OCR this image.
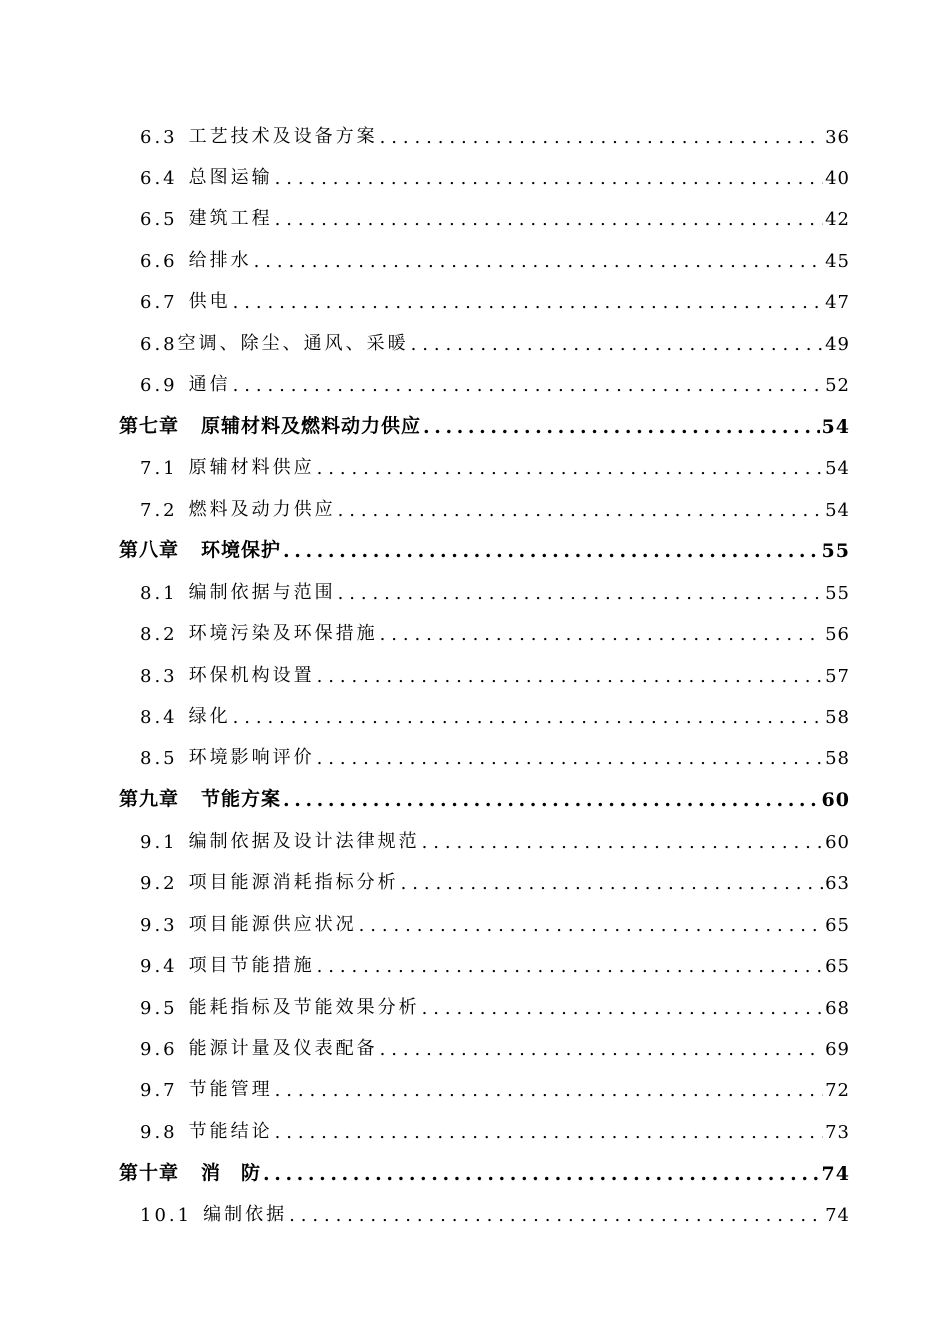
6.3 工艺技术及设备方案 .....	36
6.4 总图运输 .....	40
6.5 建筑工程 .....	42
6.6 给排水 .....	45
6.7 供电 .....	47
6.8 空调、除尘、通风、采暖 .....	49
6.9 通信 .....	52
第七章 原辅材料及燃料动力供应 .....	54
7.1 原辅材料供应 .....	54
7.2 燃料及动力供应 .....	54
第八章 环境保护 .....	55
8.1 编制依据与范围 .....	55
8.2 环境污染及环保措施 .....	56
8.3 环保机构设置 .....	57
8.4 绿化 .....	58
8.5 环境影响评价 .....	58
第九章 节能方案 .....	60
9.1 编制依据及设计法律规范 .....	60
9.2 项目能源消耗指标分析 .....	63
9.3 项目能源供应状况 .....	65
9.4 项目节能措施 .....	65
9.5 能耗指标及节能效果分析 .....	68
9.6 能源计量及仪表配备 .....	69
9.7 节能管理 .....	72
9.8 节能结论 .....	73
第十章 消　防 .....	74
10.1 编制依据 .....	74
